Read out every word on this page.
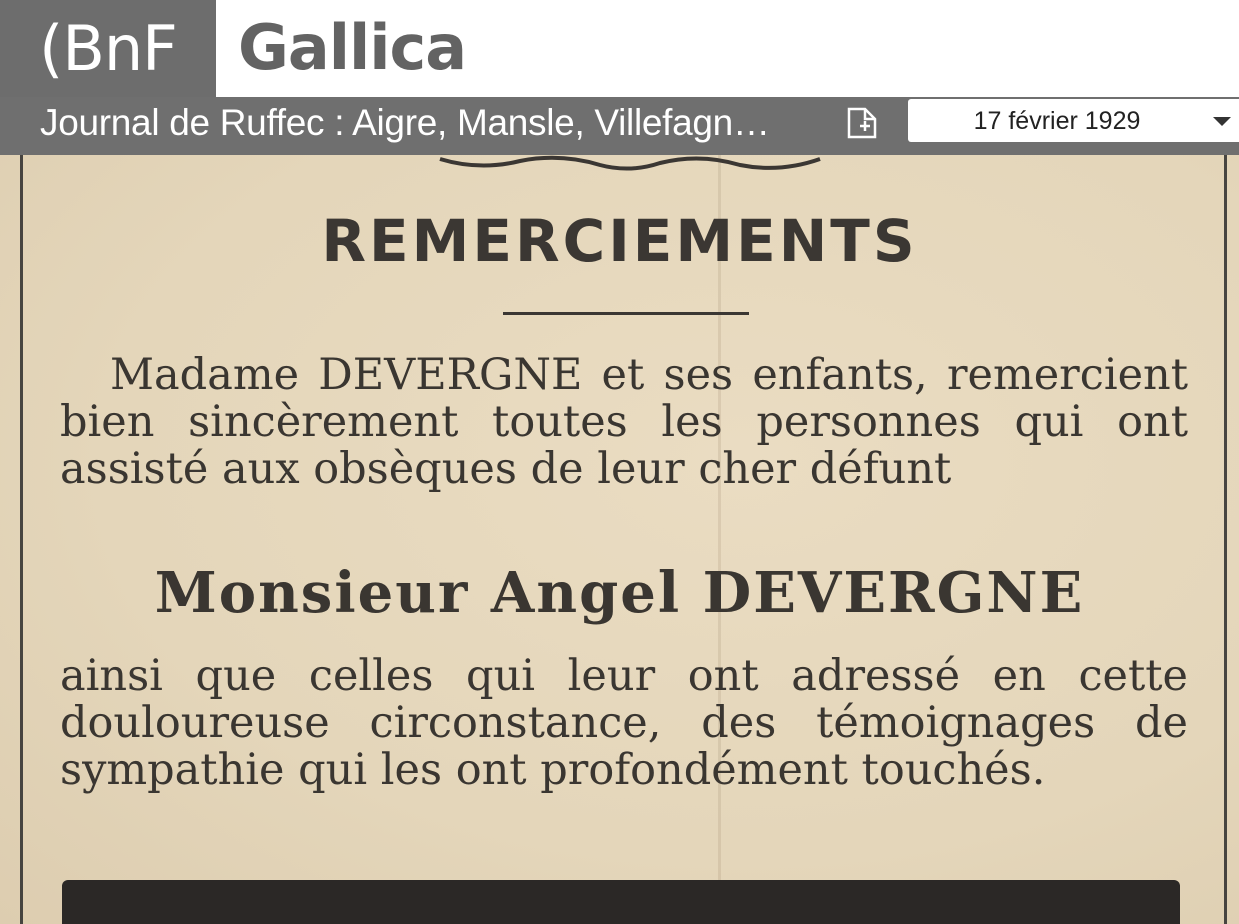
(BnF Gallica
Journal de Ruffec : Aigre, Mansle, Villefagn…	17 février 1929
REMERCIEMENTS
Madame DEVERGNE et ses enfants, remercient bien sincèrement toutes les personnes qui ont assisté aux obsèques de leur cher défunt
Monsieur Angel DEVERGNE
ainsi que celles qui leur ont adressé en cette douloureuse circonstance, des témoignages de sympathie qui les ont profondément touchés.
